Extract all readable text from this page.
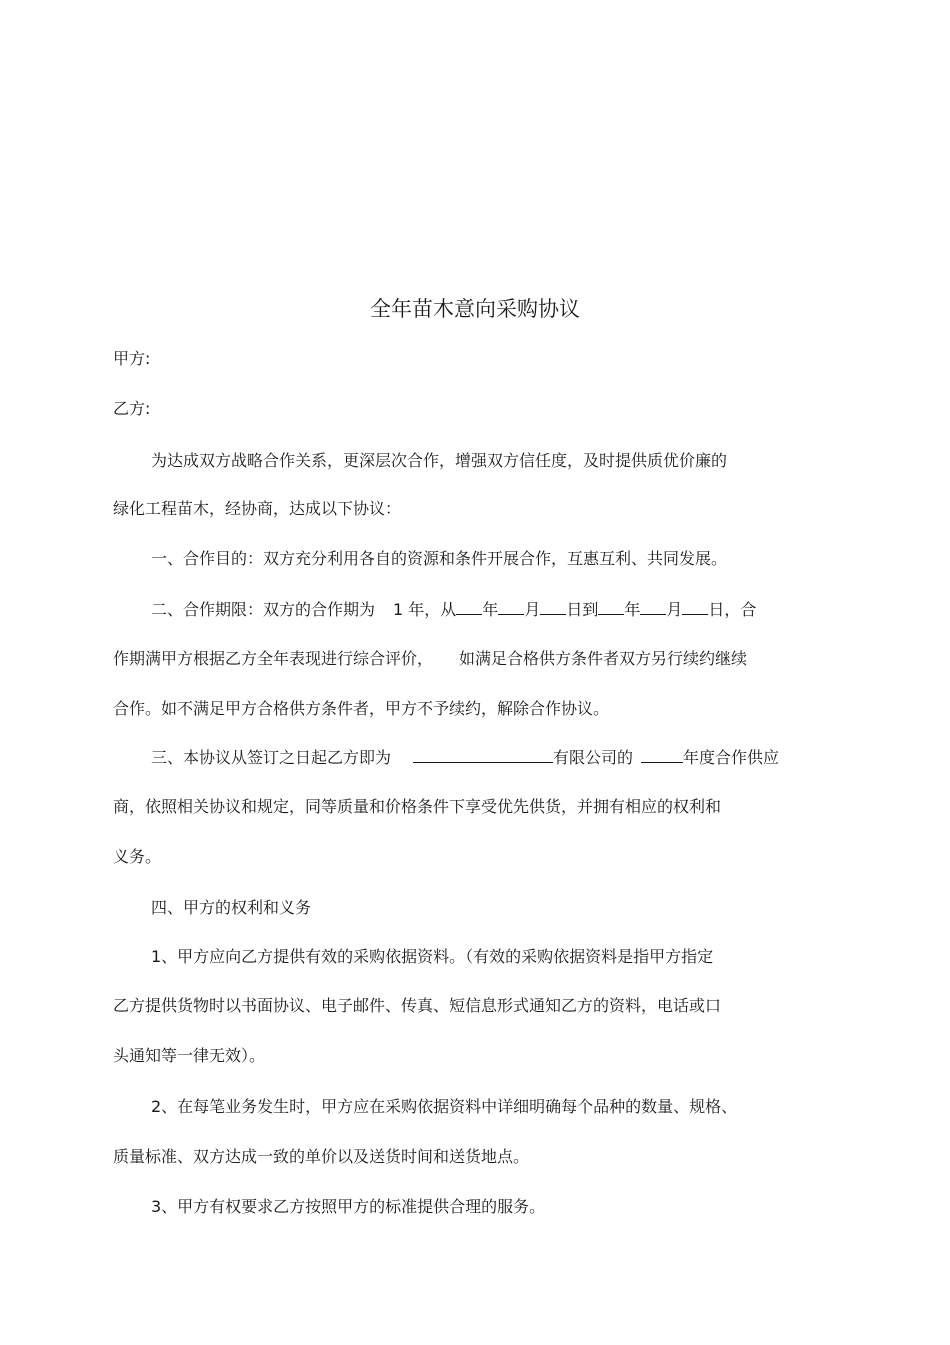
全年苗木意向采购协议

甲方:

乙方:

为达成双方战略合作关系，更深层次合作，增强双方信任度，及时提供质优价廉的

绿化工程苗木，经协商，达成以下协议：

一、合作目的：双方充分利用各自的资源和条件开展合作，互惠互利、共同发展。

二、合作期限：双方的合作期为 1 年，从 年 月 日到 年 月 日，合

作期满甲方根据乙方全年表现进行综合评价， 如满足合格供方条件者双方另行续约继续

合作。如不满足甲方合格供方条件者，甲方不予续约，解除合作协议。

三、本协议从签订之日起乙方即为	有限公司的	年度合作供应

商，依照相关协议和规定，同等质量和价格条件下享受优先供货，并拥有相应的权利和

义务。

四、甲方的权利和义务

1、甲方应向乙方提供有效的采购依据资料。（有效的采购依据资料是指甲方指定

乙方提供货物时以书面协议、电子邮件、传真、短信息形式通知乙方的资料，电话或口

头通知等一律无效）。

2、在每笔业务发生时，甲方应在采购依据资料中详细明确每个品种的数量、规格、

质量标准、双方达成一致的单价以及送货时间和送货地点。

3、甲方有权要求乙方按照甲方的标准提供合理的服务。
